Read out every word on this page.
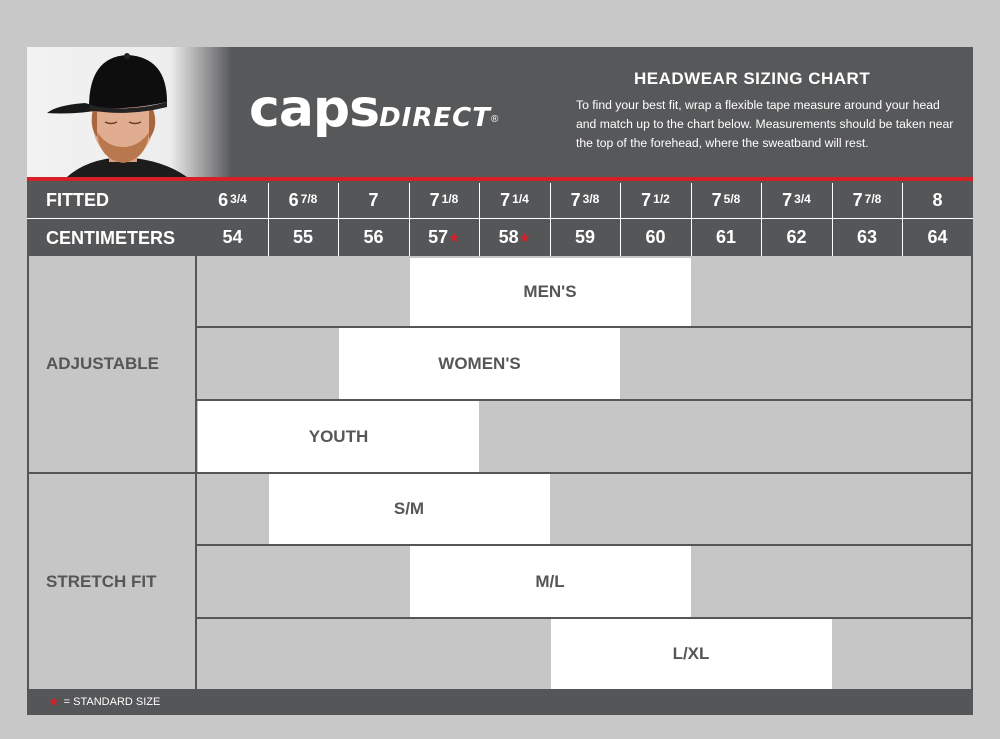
capsDIRECT®
HEADWEAR SIZING CHART
To find your best fit, wrap a flexible tape measure around your head and match up to the chart below. Measurements should be taken near the top of the forehead, where the sweatband will rest.
FITTED
CENTIMETERS
ADJUSTABLE
STRETCH FIT
MEN'S
WOMEN'S
YOUTH
S/M
M/L
L/XL
★ = STANDARD SIZE
$6^{3/4}$
54
$6^{7/8}$
55
7
56
$7^{1/8}$
57 ★
$7^{1/4}$
58 ★
$7^{3/8}$
59
$7^{1/2}$
60
$7^{5/8}$
61
$7^{3/4}$
62
$7^{7/8}$
63
8
64
